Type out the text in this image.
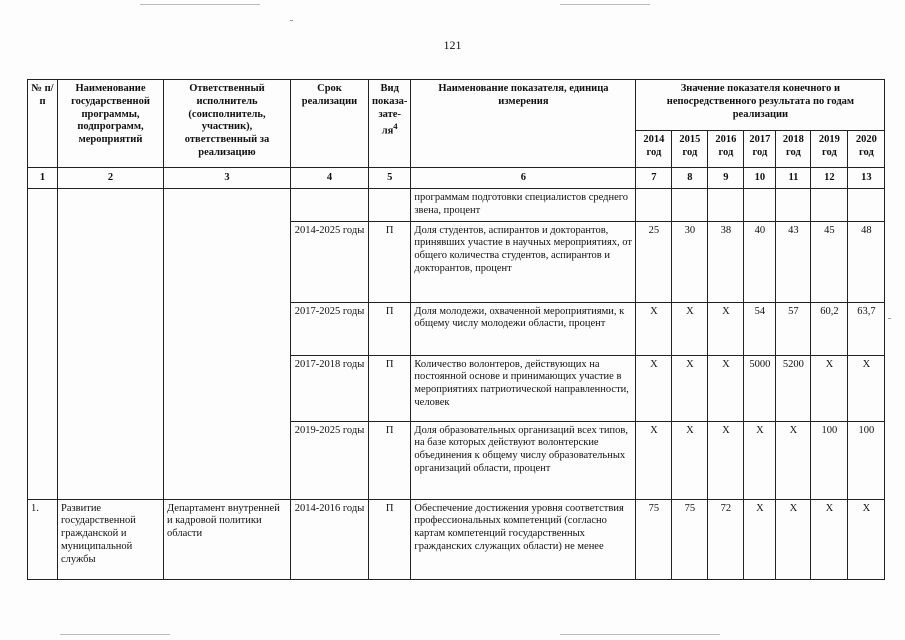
121
№ п/п	Наименование государственной программы, подпрограмм, мероприятий	Ответственный исполнитель (соисполнитель, участник), ответственный за реализацию	Срок реализации	Вид показа-$зате-ля^4$	Наименование показателя, единица измерения	Значение показателя конечного и непосредственного результата по годам реализации						
						2014 год	2015 год	2016 год	2017 год	2018 год	2019 год	2020 год
1	2	3	4	5	6	7	8	9	10	11	12	13
					программам подготовки специалистов среднего звена, процент							
			2014-2025 годы	П	Доля студентов, аспирантов и докторантов, принявших участие в научных мероприятиях, от общего количества студентов, аспирантов и докторантов, процент	25	30	38	40	43	45	48
			2017-2025 годы	П	Доля молодежи, охваченной мероприятиями, к общему числу молодежи области, процент	Х	Х	Х	54	57	60,2	63,7
			2017-2018 годы	П	Количество волонтеров, действующих на постоянной основе и принимающих участие в мероприятиях патриотической направленности, человек	Х	Х	Х	5000	5200	Х	Х
			2019-2025 годы	П	Доля образовательных организаций всех типов, на базе которых действуют волонтерские объединения к общему числу образовательных организаций области, процент	Х	Х	Х	Х	Х	100	100
1.	Развитие государственной гражданской и муниципальной службы	Департамент внутренней и кадровой политики области	2014-2016 годы	П	Обеспечение достижения уровня соответствия профессиональных компетенций (согласно картам компетенций государственных гражданских служащих области) не менее	75	75	72	Х	Х	Х	Х
